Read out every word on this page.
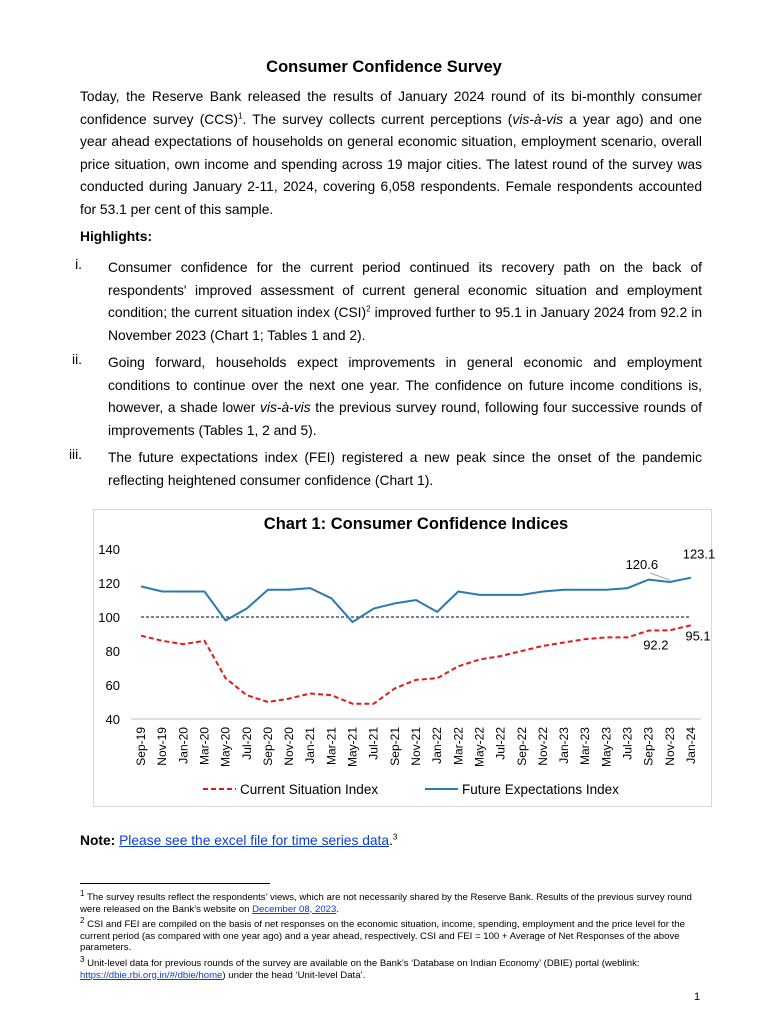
Consumer Confidence Survey
Today, the Reserve Bank released the results of January 2024 round of its bi-monthly consumer confidence survey (CCS)$^1$. The survey collects current perceptions (vis-à-vis a year ago) and one year ahead expectations of households on general economic situation, employment scenario, overall price situation, own income and spending across 19 major cities. The latest round of the survey was conducted during January 2-11, 2024, covering 6,058 respondents. Female respondents accounted for 53.1 per cent of this sample.
Highlights:
i. Consumer confidence for the current period continued its recovery path on the back of respondents' improved assessment of current general economic situation and employment condition; the current situation index (CSI)$^2$ improved further to 95.1 in January 2024 from 92.2 in November 2023 (Chart 1; Tables 1 and 2).
ii. Going forward, households expect improvements in general economic and employment conditions to continue over the next one year. The confidence on future income conditions is, however, a shade lower vis-à-vis the previous survey round, following four successive rounds of improvements (Tables 1, 2 and 5).
iii. The future expectations index (FEI) registered a new peak since the onset of the pandemic reflecting heightened consumer confidence (Chart 1).
Chart 1: Consumer Confidence Indices
40
60
80
100
120
140
Sep-19 Nov-19 Jan-20 Mar-20 May-20 Jul-20 Sep-20 Nov-20 Jan-21 Mar-21 May-21 Jul-21 Sep-21 Nov-21 Jan-22 Mar-22 May-22 Jul-22 Sep-22 Nov-22 Jan-23 Mar-23 May-23 Jul-23 Sep-23 Nov-23 Jan-24
120.6
123.1
92.2
95.1
Current Situation Index	Future Expectations Index
Note: Please see the excel file for time series data.$^3$
$^1$ The survey results reflect the respondents’ views, which are not necessarily shared by the Reserve Bank. Results of the previous survey round were released on the Bank’s website on December 08, 2023.
$^2$ CSI and FEI are compiled on the basis of net responses on the economic situation, income, spending, employment and the price level for the current period (as compared with one year ago) and a year ahead, respectively. CSI and FEI = 100 + Average of Net Responses of the above parameters.
$^3$ Unit-level data for previous rounds of the survey are available on the Bank’s ‘Database on Indian Economy’ (DBIE) portal (weblink: https://dbie.rbi.org.in/#/dbie/home) under the head ‘Unit-level Data’.
1
